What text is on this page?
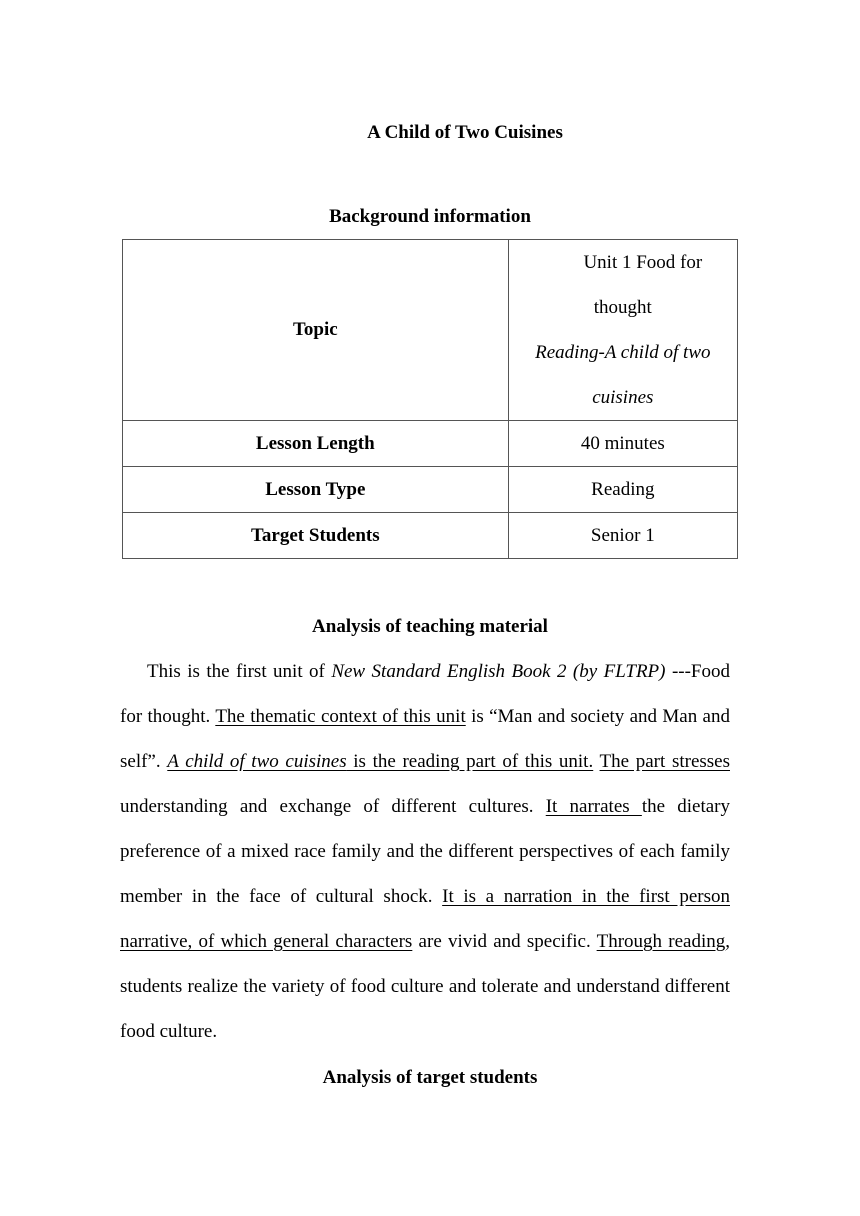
A Child of Two Cuisines
Background information
Topic	Unit 1 Food for
thought
Reading-A child of two
cuisines

Lesson Length	40 minutes
Lesson Type	Reading
Target Students	Senior 1
Analysis of teaching material

This is the first unit of New Standard English Book 2 (by FLTRP) ---Food for thought. The thematic context of this unit is “Man and society and Man and self”. A child of two cuisines is the reading part of this unit. The part stresses understanding and exchange of different cultures. It narrates the dietary preference of a mixed race family and the different perspectives of each family member in the face of cultural shock. It is a narration in the first person narrative, of which general characters are vivid and specific. Through reading, students realize the variety of food culture and tolerate and understand different food culture.

Analysis of target students
